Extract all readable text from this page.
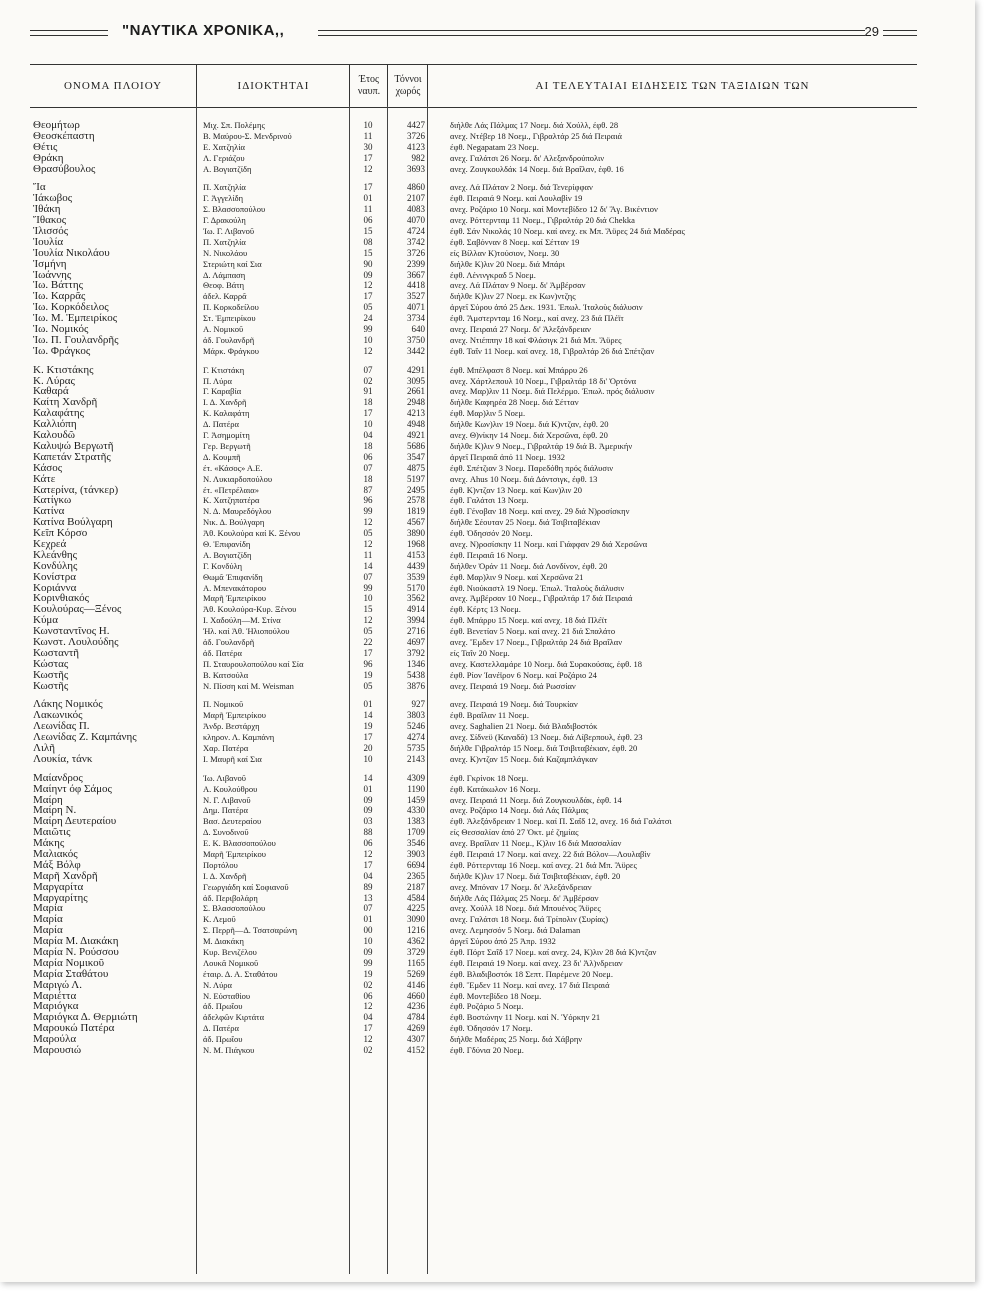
"ΝΑΥΤΙΚΑ ΧΡΟΝΙΚΑ,,	29
ΟΝΟΜΑ ΠΛΟΙΟΥ	ΙΔΙΟΚΤΗΤΑΙ
Έτος ναυπ.
Τόννοι χωρός	ΑΙ ΤΕΛΕΥΤΑΙΑΙ ΕΙΔΗΣΕΙΣ ΤΩΝ ΤΑΞΙΔΙΩΝ ΤΩΝ
Θεομήτωρ	Μιχ. Σπ. Πολέμης	10	4427	διήλθε Λάς Πάλμας 17 Νοεμ. διά Χούλλ, έφθ. 28
Θεοσκέπαστη	Β. Μαύρου-Σ. Μενδρινού	11	3726	ανεχ. Ντέβερ 18 Νοεμ., Γιβραλτάρ 25 διά Πειραιά
Θέτις	Ε. Χατζηλία	30	4123	έφθ. Negapatam 23 Νοεμ.
Θράκη	Λ. Γεριάζου	17	982	ανεχ. Γαλάτσι 26 Νοεμ. δι' Αλεξανδρούπολιν
Θρασύβουλος	Α. Βογιατζίδη	12	3693	ανεχ. Ζουγκουλδάκ 14 Νοεμ. διά Βραΐλαν, έφθ. 16
Ἴα	Π. Χατζηλία	17	4860	ανεχ. Λά Πλάταν 2 Νοεμ. διά Τενερίφφαν
Ἰάκωβος	Γ. Ἀγγελίδη	01	2107	έφθ. Πειραιά 9 Νοεμ. καί Λουλαβὶν 19
Ἰθάκη	Σ. Βλασσοπούλου	11	4083	ανεχ. Ροζάριο 10 Νοεμ. καί Μοντεβίδεο 12 δι' Ἅγ. Βικέντιον
Ἴθακος	Γ. Δρακούλη	06	4070	ανεχ. Ρόττερνταμ 11 Νοεμ., Γιβραλτάρ 20 διά Chekka
Ἰλισσός	Ἰω. Γ. Λιβανοῦ	15	4724	έφθ. Σάν Νικολάς 10 Νοεμ. καί ανεχ. εκ Μπ. Ἄϋρες 24 διά Μαδέρας
Ἰουλία	Π. Χατζηλία	08	3742	έφθ. Σαβόνναν 8 Νοεμ. καί Σέτταν 19
Ἰουλία Νικολάου	Ν. Νικολάου	15	3726	είς Βίλλαν Κ)τούσιον, Νοεμ. 30
Ἰσμήνη	Στεριώτη καί Σια	90	2399	διήλθε Κ)λιν 20 Νοεμ. διά Μπάρι
Ἰωάννης	Δ. Λάμπαση	09	3667	έφθ. Λένινγκραδ 5 Νοεμ.
Ἰω. Βάττης	Θεοφ. Βάτη	12	4418	ανεχ. Λά Πλάταν 9 Νοεμ. δι' Ἀμβέρσαν
Ἰω. Καρρᾶς	ἀδελ. Καρρᾶ	17	3527	διήλθε Κ)λιν 27 Νοεμ. εκ Κων)ντζης
Ἰω. Κορκόδειλος	Π. Κορκοδείλου	05	4071	ἀργεῖ Σύρου ἀπό 25 Δεκ. 1931. Ἐπωλ. Ἰταλοὺς διάλυσιν
Ἰω. Μ. Ἐμπειρίκος	Στ. Ἐμπειρίκου	24	3734	έφθ. Ἄμστερνταμ 16 Νοεμ., καί ανεχ. 23 διά Πλέϊτ
Ἰω. Νομικός	Α. Νομικοῦ	99	640	ανεχ. Πειραιά 27 Νοεμ. δι' Ἀλεξάνδρειαν
Ἰω. Π. Γουλανδρῆς	ἀδ. Γουλανδρῆ	10	3750	ανεχ. Ντιέππην 18 καί Φλάσιγκ 21 διά Μπ. Ἄϋρες
Ἰω. Φράγκος	Μάρκ. Φράγκου	12	3442	έφθ. Ταΐν 11 Νοεμ. καί ανεχ. 18, Γιβραλτάρ 26 διά Σπέτζιαν
Κ. Κτιστάκης	Γ. Κτιστάκη	07	4291	έφθ. Μπέλφαστ 8 Νοεμ. καί Μπάρρυ 26
Κ. Λύρας	Π. Λύρα	02	3095	ανεχ. Χάρτλεπουλ 10 Νοεμ., Γιβραλτάρ 18 δι' Ὀρτόνα
Καθαρά	Γ. Καραβία	91	2661	ανεχ. Μαρ)λιν 11 Νοεμ. διά Πελέρμο. Ἐπωλ. πρός διάλυσιν
Καίτη Χανδρῆ	Ι. Δ. Χανδρῆ	18	2948	διήλθε Καφηρέα 28 Νοεμ. διά Σέτταν
Καλαφάτης	Κ. Καλαφάτη	17	4213	έφθ. Μαρ)λιν 5 Νοεμ.
Καλλιόπη	Δ. Πατέρα	10	4948	διήλθε Κων)λιν 19 Νοεμ. διά Κ)ντζαν, έφθ. 20
Καλουδῶ	Γ. Ἀσημομίτη	04	4921	ανεχ. Θ)νίκην 14 Νοεμ. διά Χερσῶνα, έφθ. 20
Καλυψώ Βεργωτῆ	Γερ. Βεργωτῆ	18	5686	διήλθε Κ)λιν 9 Νοεμ., Γιβραλτάρ 19 διά Β. Ἀμερικήν
Καπετάν Στρατῆς	Δ. Κουμπῆ	06	3547	ἀργεῖ Πειραιᾶ ἀπό 11 Νοεμ. 1932
Κάσος	έτ. «Κάσος» Α.Ε.	07	4875	έφθ. Σπέτζιαν 3 Νοεμ. Παρεδόθη πρός διάλυσιν
Κάτε	Ν. Λυκιαρδοπούλου	18	5197	ανεχ. Ahus 10 Νοεμ. διά Δάντσιγκ, έφθ. 13
Κατερίνα, (τάνκερ)	έτ. «Πετρέλαια»	87	2495	έφθ. Κ)ντζαν 13 Νοεμ. καί Κων)λιν 20
Κατίγκω	Κ. Χατζηπατέρα	96	2578	έφθ. Γαλάτσι 13 Νοεμ.
Κατίνα	Ν. Δ. Μαυρεδόγλου	99	1819	έφθ. Γένοβαν 18 Νοεμ. καί ανεχ. 29 διά Ν)ροσίσκην
Κατίνα Βούλγαρη	Νικ. Δ. Βούλγαρη	12	4567	διήλθε Σέουταν 25 Νοεμ. διά Τσιβιταβέκιαν
Κεῖπ Κόρσο	Ἀθ. Κουλούρα καί Κ. Ξένου	05	3890	έφθ. Ὀδησσόν 20 Νοεμ.
Κεχρεά	Θ. Ἐπιφανίδη	12	1968	ανεχ. Ν)ροσίσκην 11 Νοεμ. καί Γιάφφαν 29 διά Χερσῶνα
Κλεάνθης	Α. Βογιατζίδη	11	4153	έφθ. Πειραιᾶ 16 Νοεμ.
Κονδύλης	Γ. Κονδύλη	14	4439	διήλθεν Ὀράν 11 Νοεμ. διά Λονδίνον, έφθ. 20
Κονίστρα	Θωμᾶ Ἐπιφανίδη	07	3539	έφθ. Μαρ)λιν 9 Νοεμ. καί Χερσῶνα 21
Κοριάννα	Α. Μπενακάτορου	99	5170	έφθ. Νιούκαστλ 19 Νοεμ. Ἐπωλ. Ἰταλοὺς διάλυσιν
Κορινθιακός	Μαρῆ Ἐμπειρίκου	10	3562	ανεχ. Ἀμβέρσαν 10 Νοεμ., Γιβραλτάρ 17 διά Πειραιά
Κουλούρας—Ξένος	Ἀθ. Κουλούρα-Κυρ. Ξένου	15	4914	έφθ. Κέρτς 13 Νοεμ.
Κύμα	Ι. Χαδούλη—Μ. Στίνα	12	3994	έφθ. Μπάρρυ 15 Νοεμ. καί ανεχ. 18 διά Πλέϊτ
Κωνσταντῖνος Η.	Ἡλ. καί Ἀθ. Ἡλιοπούλου	05	2716	έφθ. Βενετίαν 5 Νοεμ. καί ανεχ. 21 διά Σπαλάτο
Κωνστ. Λουλούδης	ἀδ. Γουλανδρῆ	22	4697	ανεχ. Ἔμδεν 17 Νοεμ., Γιβραλτάρ 24 διά Βραΐλαν
Κωσταντῆ	ἀδ. Πατέρα	17	3792	είς Ταΐν 20 Νοεμ.
Κώστας	Π. Σταυρουλοπούλου καί Σία	96	1346	ανεχ. Καστελλαμάρε 10 Νοεμ. διά Συρακούσας, έφθ. 18
Κωστῆς	Β. Κατσούλα	19	5438	έφθ. Ρίον Ἰανέϊρον 6 Νοεμ. καί Ροζάριο 24
Κωστῆς	Ν. Πίσση καί Μ. Weisman	05	3876	ανεχ. Πειραιά 19 Νοεμ. διά Ρωσσίαν
Λάκης Νομικός	Π. Νομικοῦ	01	927	ανεχ. Πειραιά 19 Νοεμ. διά Τουρκίαν
Λακωνικός	Μαρῆ Ἐμπειρίκου	14	3803	έφθ. Βραΐλαν 11 Νοεμ.
Λεωνίδας Π.	Ἀνδρ. Βεστάρχη	19	5246	ανεχ. Saghalien 21 Νοεμ. διά Βλαδιβοστόκ
Λεωνίδας Ζ. Καμπάνης	κληρον. Λ. Καμπάνη	17	4274	ανεχ. Σίδνεϋ (Καναδᾶ) 13 Νοεμ. διά Λίβερπουλ, έφθ. 23
Λιλῆ	Χαρ. Πατέρα	20	5735	διήλθε Γιβραλτάρ 15 Νοεμ. διά Τσιβιταβέκιαν, έφθ. 20
Λουκία, τάνκ	Ι. Μαυρῆ καί Σια	10	2143	ανεχ. Κ)ντζαν 15 Νοεμ. διά Καζαμπλάγκαν
Μαίανδρος	Ἰω. Λιβανοῦ	14	4309	έφθ. Γκρίνοκ 18 Νοεμ.
Μαίηντ όφ Σάμος	Α. Κουλούθρου	01	1190	έφθ. Κατάκωλον 16 Νοεμ.
Μαίρη	Ν. Γ. Λιβανοῦ	09	1459	ανεχ. Πειραιά 11 Νοεμ. διά Ζουγκουλδάκ, έφθ. 14
Μαίρη Ν.	Δημ. Πατέρα	09	4330	ανεχ. Ροζάριο 14 Νοεμ. διά Λάς Πάλμας
Μαίρη Δευτεραίου	Βασ. Δευτεραίου	03	1383	έφθ. Ἀλεξάνδρειαν 1 Νοεμ. καί Π. Σαΐδ 12, ανεχ. 16 διά Γαλάτσι
Μαιῶτις	Δ. Συνοδινοῦ	88	1709	είς Θεσσαλίαν ἀπό 27 Ὀκτ. μέ ζημίας
Μάκης	Ε. Κ. Βλασσοπούλου	06	3546	ανεχ. Βραΐλαν 11 Νοεμ., Κ)λιν 16 διά Μασσαλίαν
Μαλιακός	Μαρῆ Ἐμπειρίκου	12	3903	έφθ. Πειραιά 17 Νοεμ. καί ανεχ. 22 διά Βόλον—Λουλαβὶν
Μάξ Βόλφ	Πορτόλου	17	6694	έφθ. Ρόττερνταμ 16 Νοεμ. καί ανεχ. 21 διά Μπ. Ἄϋρες
Μαρῆ Χανδρῆ	Ι. Δ. Χανδρῆ	04	2365	διήλθε Κ)λιν 17 Νοεμ. διά Τσιβιταβέκιαν, έφθ. 20
Μαργαρίτα	Γεωργιάδη καί Σοφιανοῦ	89	2187	ανεχ. Μπόναν 17 Νοεμ. δι' Ἀλεξάνδρειαν
Μαργαρίτης	ἀδ. Περιβολάρη	13	4584	διήλθε Λάς Πάλμας 25 Νοεμ. δι' Ἀμβέρσαν
Μαρία	Σ. Βλασσοπούλου	07	4225	ανεχ. Χούλλ 18 Νοεμ. διά Μπουένος Ἄϋρες
Μαρία	Κ. Λεμοῦ	01	3090	ανεχ. Γαλάτσι 18 Νοεμ. διά Τρίπολιν (Συρίας)
Μαρία	Σ. Περρῆ—Δ. Τσατσαρώνη	00	1216	ανεχ. Λεμησσόν 5 Νοεμ. διά Dalaman
Μαρία Μ. Διακάκη	Μ. Διακάκη	10	4362	ἀργεῖ Σύρου ἀπό 25 Ἀπρ. 1932
Μαρία Ν. Ρούσσου	Κυρ. Βενιζέλου	09	3729	έφθ. Πόρτ Σαΐδ 17 Νοεμ. καί ανεχ. 24, Κ)λιν 28 διά Κ)ντζαν
Μαρία Νομικοῦ	Λουκᾶ Νομικοῦ	99	1165	έφθ. Πειραιά 19 Νοεμ. καί ανεχ. 23 δι' Ἀλ)νδρειαν
Μαρία Σταθάτου	έταιρ. Δ. Α. Σταθάτου	19	5269	έφθ. Βλαδιβοστόκ 18 Σεπτ. Παρέμενε 20 Νοεμ.
Μαριγώ Λ.	Ν. Λύρα	02	4146	έφθ. Ἔμδεν 11 Νοεμ. καί ανεχ. 17 διά Πειραιά
Μαριέττα	Ν. Εὐσταθίου	06	4660	έφθ. Μοντεβίδεο 18 Νοεμ.
Μαριόγκα	ἀδ. Πρωΐου	12	4236	έφθ. Ροζάριο 5 Νοεμ.
Μαριόγκα Δ. Θερμιώτη	ἀδελφῶν Κιρτάτα	04	4784	έφθ. Βοστώνην 11 Νοεμ. καί Ν. Ὑόρκην 21
Μαρουκώ Πατέρα	Δ. Πατέρα	17	4269	έφθ. Ὀδησσόν 17 Νοεμ.
Μαρούλα	ἀδ. Πρωΐου	12	4307	διήλθε Μαδέρας 25 Νοεμ. διά Χάβρην
Μαρουσιώ	Ν. Μ. Πιάγκου	02	4152	έφθ. Γδύνια 20 Νοεμ.
